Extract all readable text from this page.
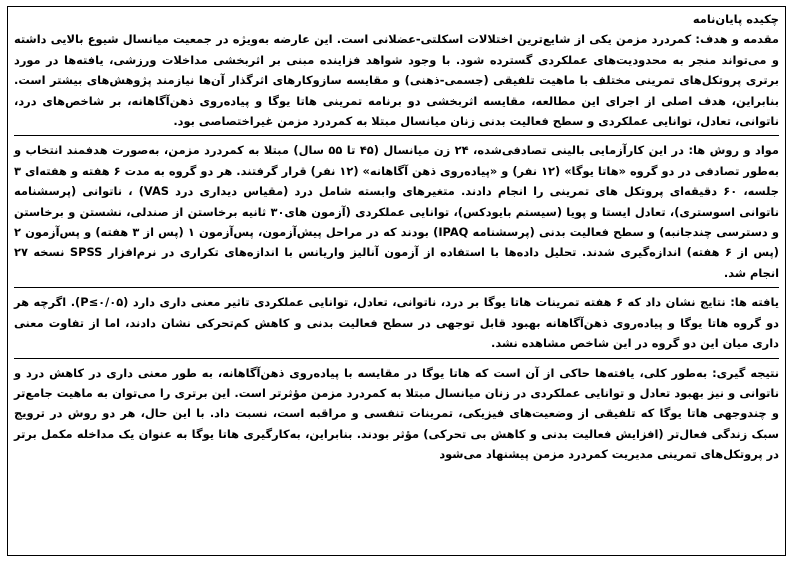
چکیده پایان‌نامه

مقدمه و هدف: کمردرد مزمن یکی از شایع‌ترین اختلالات اسکلتی-عضلانی است. این عارضه به‌ویژه در جمعیت میانسال شیوع بالایی داشته و می‌تواند منجر به محدودیت‌های عملکردی گسترده شود. با وجود شواهد فزاینده مبنی بر اثربخشی مداخلات ورزشی، یافته‌ها در مورد برتری پروتکل‌های تمرینی مختلف با ماهیت تلفیقی (جسمی-ذهنی) و مقایسه سازوکارهای اثرگذار آن‌ها نیازمند پژوهش‌های بیشتر است. بنابراین، هدف اصلی از اجرای این مطالعه، مقایسه اثربخشی دو برنامه تمرینی هاتا یوگا و پیاده‌روی ذهن‌آگاهانه، بر شاخص‌های درد، ناتوانی، تعادل، توانایی عملکردی و سطح فعالیت بدنی زنان میانسال مبتلا به کمردرد مزمن غیراختصاصی بود.

مواد و روش ها: در این کارآزمایی بالینی تصادفی‌شده، ۲۴ زن میانسال (۴۵ تا ۵۵ سال) مبتلا به کمردرد مزمن، به‌صورت هدفمند انتخاب و به‌طور تصادفی در دو گروه «هاتا یوگا» (۱۲ نفر) و «پیاده‌روی ذهن آگاهانه» (۱۲ نفر) قرار گرفتند. هر دو گروه به مدت ۶ هفته و هفته‌ای ۳ جلسه، ۶۰ دقیقه‌ای پروتکل های تمرینی را انجام دادند. متغیرهای وابسته شامل درد (مقیاس دیداری درد VAS) ، ناتوانی (پرسشنامه ناتوانی اسوستری)، تعادل ایستا و پویا (سیستم بایودکس)، توانایی عملکردی (آزمون های۳۰ ثانیه برخاستن از صندلی، نشستن و برخاستن و دسترسی چندجانبه) و سطح فعالیت بدنی (پرسشنامه IPAQ) بودند که در مراحل پیش‌آزمون، پس‌آزمون ۱ (پس از ۳ هفته) و پس‌آزمون ۲ (پس از ۶ هفته) اندازه‌گیری شدند. تحلیل داده‌ها با استفاده از آزمون آنالیز واریانس با اندازه‌های تکراری در نرم‌افزار SPSS نسخه ۲۷ انجام شد.

یافته ها: نتایج نشان داد که ۶ هفته تمرینات هاتا یوگا بر درد، ناتوانی، تعادل، توانایی عملکردی تاثیر معنی داری دارد (P≤۰/۰۵). اگرچه هر دو گروه هاتا یوگا و پیاده‌روی ذهن‌آگاهانه بهبود قابل توجهی در سطح فعالیت بدنی و کاهش کم‌تحرکی نشان دادند، اما از تفاوت معنی داری میان این دو گروه در این شاخص مشاهده نشد.

نتیجه گیری: به‌طور کلی، یافته‌ها حاکی از آن است که هاتا یوگا در مقایسه با پیاده‌روی ذهن‌آگاهانه، به طور معنی داری در کاهش درد و ناتوانی و نیز بهبود تعادل و توانایی عملکردی در زنان میانسال مبتلا به کمردرد مزمن مؤثرتر است. این برتری را می‌توان به ماهیت جامع‌تر و چندوجهی هاتا یوگا که تلفیقی از وضعیت‌های فیزیکی، تمرینات تنفسی و مراقبه است، نسبت داد. با این حال، هر دو روش در ترویج سبک زندگی فعال‌تر (افزایش فعالیت بدنی و کاهش بی تحرکی) مؤثر بودند. بنابراین، به‌کارگیری هاتا یوگا به عنوان یک مداخله مکمل برتر در پروتکل‌های تمرینی مدیریت کمردرد مزمن پیشنهاد می‌شود
